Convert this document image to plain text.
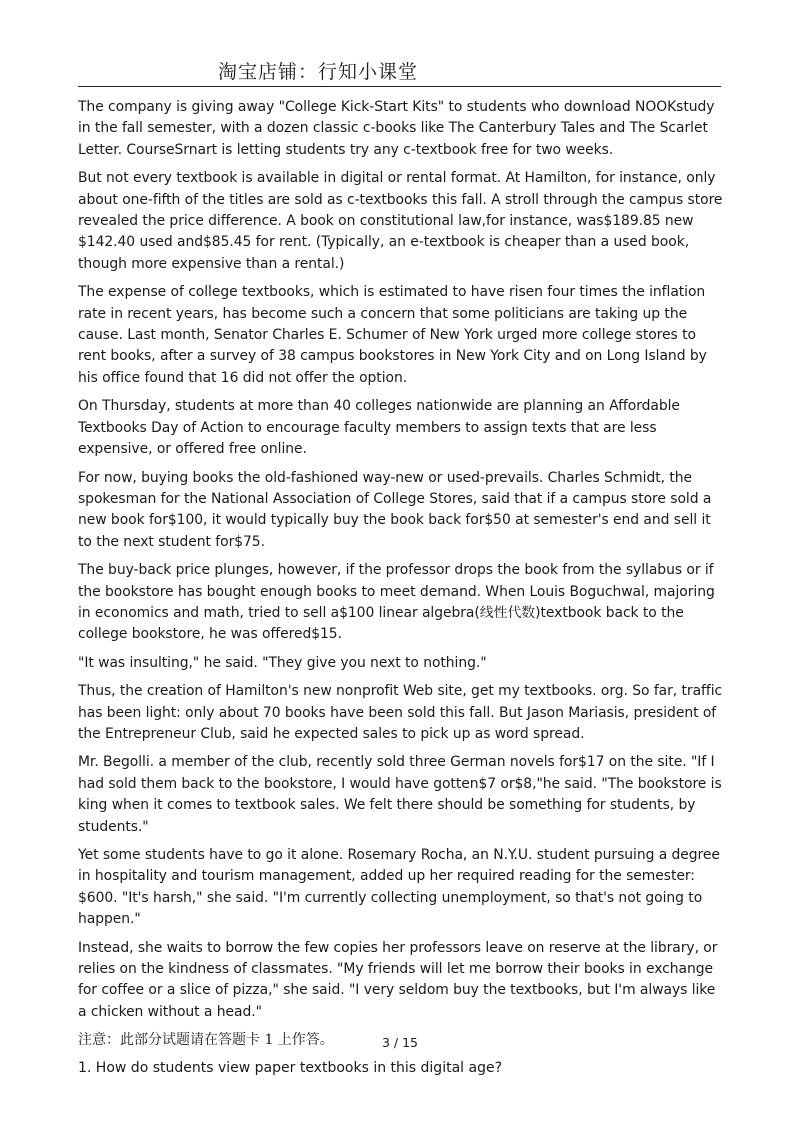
淘宝店铺：行知小课堂

The company is giving away "College Kick-Start Kits" to students who download NOOKstudy in the fall semester, with a dozen classic c-books like The Canterbury Tales and The Scarlet Letter. CourseSrnart is letting students try any c-textbook free for two weeks.

But not every textbook is available in digital or rental format. At Hamilton, for instance, only about one-fifth of the titles are sold as c-textbooks this fall. A stroll through the campus store revealed the price difference. A book on constitutional law,for instance, was$189.85 new $142.40 used and$85.45 for rent. (Typically, an e-textbook is cheaper than a used book, though more expensive than a rental.)

The expense of college textbooks, which is estimated to have risen four times the inflation rate in recent years, has become such a concern that some politicians are taking up the cause. Last month, Senator Charles E. Schumer of New York urged more college stores to rent books, after a survey of 38 campus bookstores in New York City and on Long Island by his office found that 16 did not offer the option.

On Thursday, students at more than 40 colleges nationwide are planning an Affordable Textbooks Day of Action to encourage faculty members to assign texts that are less expensive, or offered free online.

For now, buying books the old-fashioned way-new or used-prevails. Charles Schmidt, the spokesman for the National Association of College Stores, said that if a campus store sold a new book for$100, it would typically buy the book back for$50 at semester's end and sell it to the next student for$75.

The buy-back price plunges, however, if the professor drops the book from the syllabus or if the bookstore has bought enough books to meet demand. When Louis Boguchwal, majoring in economics and math, tried to sell a$100 linear algebra(线性代数)textbook back to the college bookstore, he was offered$15.

"It was insulting," he said. "They give you next to nothing."

Thus, the creation of Hamilton's new nonprofit Web site, get my textbooks. org. So far, traffic has been light: only about 70 books have been sold this fall. But Jason Mariasis, president of the Entrepreneur Club, said he expected sales to pick up as word spread.

Mr. Begolli. a member of the club, recently sold three German novels for$17 on the site. "If I had sold them back to the bookstore, I would have gotten$7 or$8,"he said. "The bookstore is king when it comes to textbook sales. We felt there should be something for students, by students."

Yet some students have to go it alone. Rosemary Rocha, an N.Y.U. student pursuing a degree in hospitality and tourism management, added up her required reading for the semester: $600. "It's harsh," she said. "I'm currently collecting unemployment, so that's not going to happen."

Instead, she waits to borrow the few copies her professors leave on reserve at the library, or relies on the kindness of classmates. "My friends will let me borrow their books in exchange for coffee or a slice of pizza," she said. "I very seldom buy the textbooks, but I'm always like a chicken without a head."

注意：此部分试题请在答题卡 1 上作答。

1. How do students view paper textbooks in this digital age?

3 / 15
